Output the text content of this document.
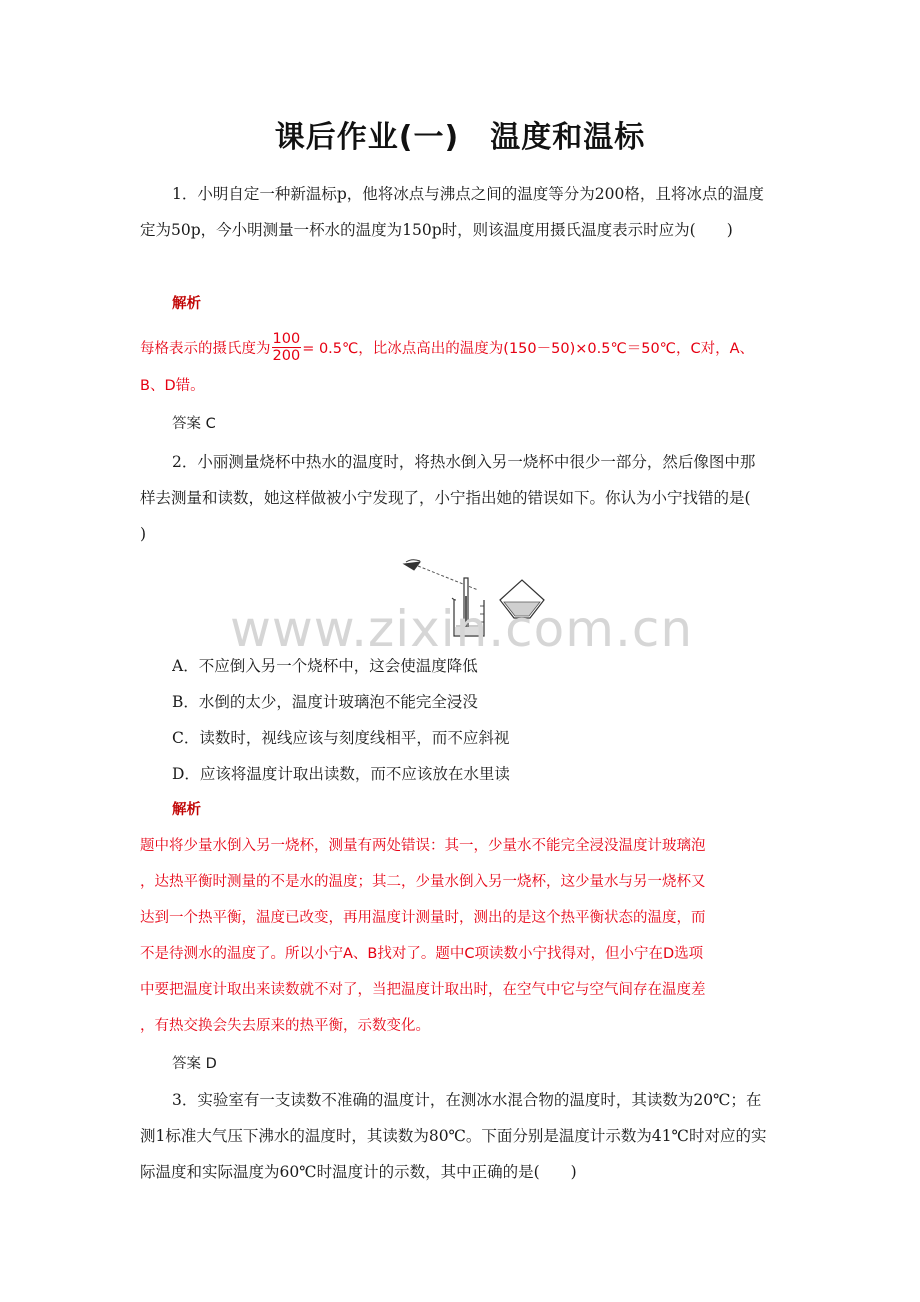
课后作业(一)　温度和温标
1．小明自定一种新温标p，他将冰点与沸点之间的温度等分为200格，且将冰点的温度
定为50p，今小明测量一杯水的温度为150p时，则该温度用摄氏温度表示时应为(　　)
解析
每格表示的摄氏度为 $\frac{100}{200}$ = 0.5℃，比冰点高出的温度为(150－50)×0.5℃＝50℃，C对，A、
B、D错。
答案 C
2．小丽测量烧杯中热水的温度时，将热水倒入另一烧杯中很少一部分，然后像图中那
样去测量和读数，她这样做被小宁发现了，小宁指出她的错误如下。你认为小宁找错的是(
)
www.zixin.com.cn
A．不应倒入另一个烧杯中，这会使温度降低
B．水倒的太少，温度计玻璃泡不能完全浸没
C．读数时，视线应该与刻度线相平，而不应斜视
D．应该将温度计取出读数，而不应该放在水里读
解析
题中将少量水倒入另一烧杯，测量有两处错误：其一，少量水不能完全浸没温度计玻璃泡
，达热平衡时测量的不是水的温度；其二，少量水倒入另一烧杯，这少量水与另一烧杯又
达到一个热平衡，温度已改变，再用温度计测量时，测出的是这个热平衡状态的温度，而
不是待测水的温度了。所以小宁A、B找对了。题中C项读数小宁找得对，但小宁在D选项
中要把温度计取出来读数就不对了，当把温度计取出时，在空气中它与空气间存在温度差
，有热交换会失去原来的热平衡，示数变化。
答案 D
3．实验室有一支读数不准确的温度计，在测冰水混合物的温度时，其读数为20℃；在
测1标准大气压下沸水的温度时，其读数为80℃。下面分别是温度计示数为41℃时对应的实
际温度和实际温度为60℃时温度计的示数，其中正确的是(　　)
